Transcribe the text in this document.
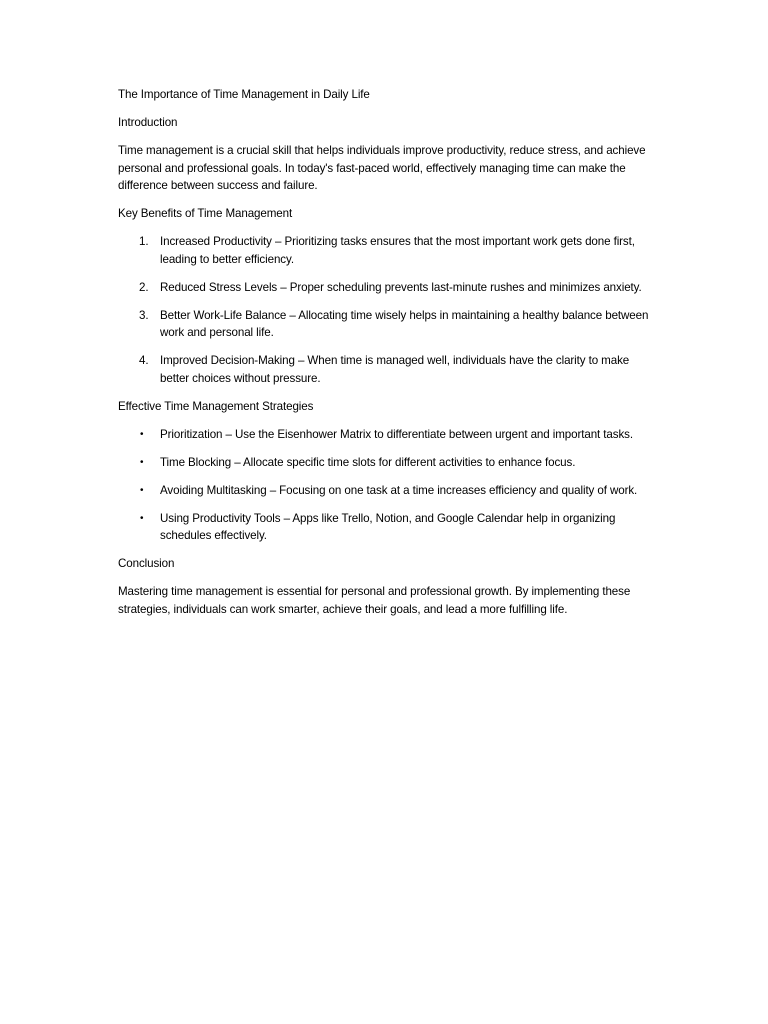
The Importance of Time Management in Daily Life

Introduction

Time management is a crucial skill that helps individuals improve productivity, reduce stress, and achieve personal and professional goals. In today's fast-paced world, effectively managing time can make the difference between success and failure.

Key Benefits of Time Management

1. Increased Productivity – Prioritizing tasks ensures that the most important work gets done first, leading to better efficiency.
2. Reduced Stress Levels – Proper scheduling prevents last-minute rushes and minimizes anxiety.
3. Better Work-Life Balance – Allocating time wisely helps in maintaining a healthy balance between work and personal life.
4. Improved Decision-Making – When time is managed well, individuals have the clarity to make better choices without pressure.

Effective Time Management Strategies

•	Prioritization – Use the Eisenhower Matrix to differentiate between urgent and important tasks.
•	Time Blocking – Allocate specific time slots for different activities to enhance focus.
•	Avoiding Multitasking – Focusing on one task at a time increases efficiency and quality of work.
•	Using Productivity Tools – Apps like Trello, Notion, and Google Calendar help in organizing schedules effectively.

Conclusion

Mastering time management is essential for personal and professional growth. By implementing these strategies, individuals can work smarter, achieve their goals, and lead a more fulfilling life.
